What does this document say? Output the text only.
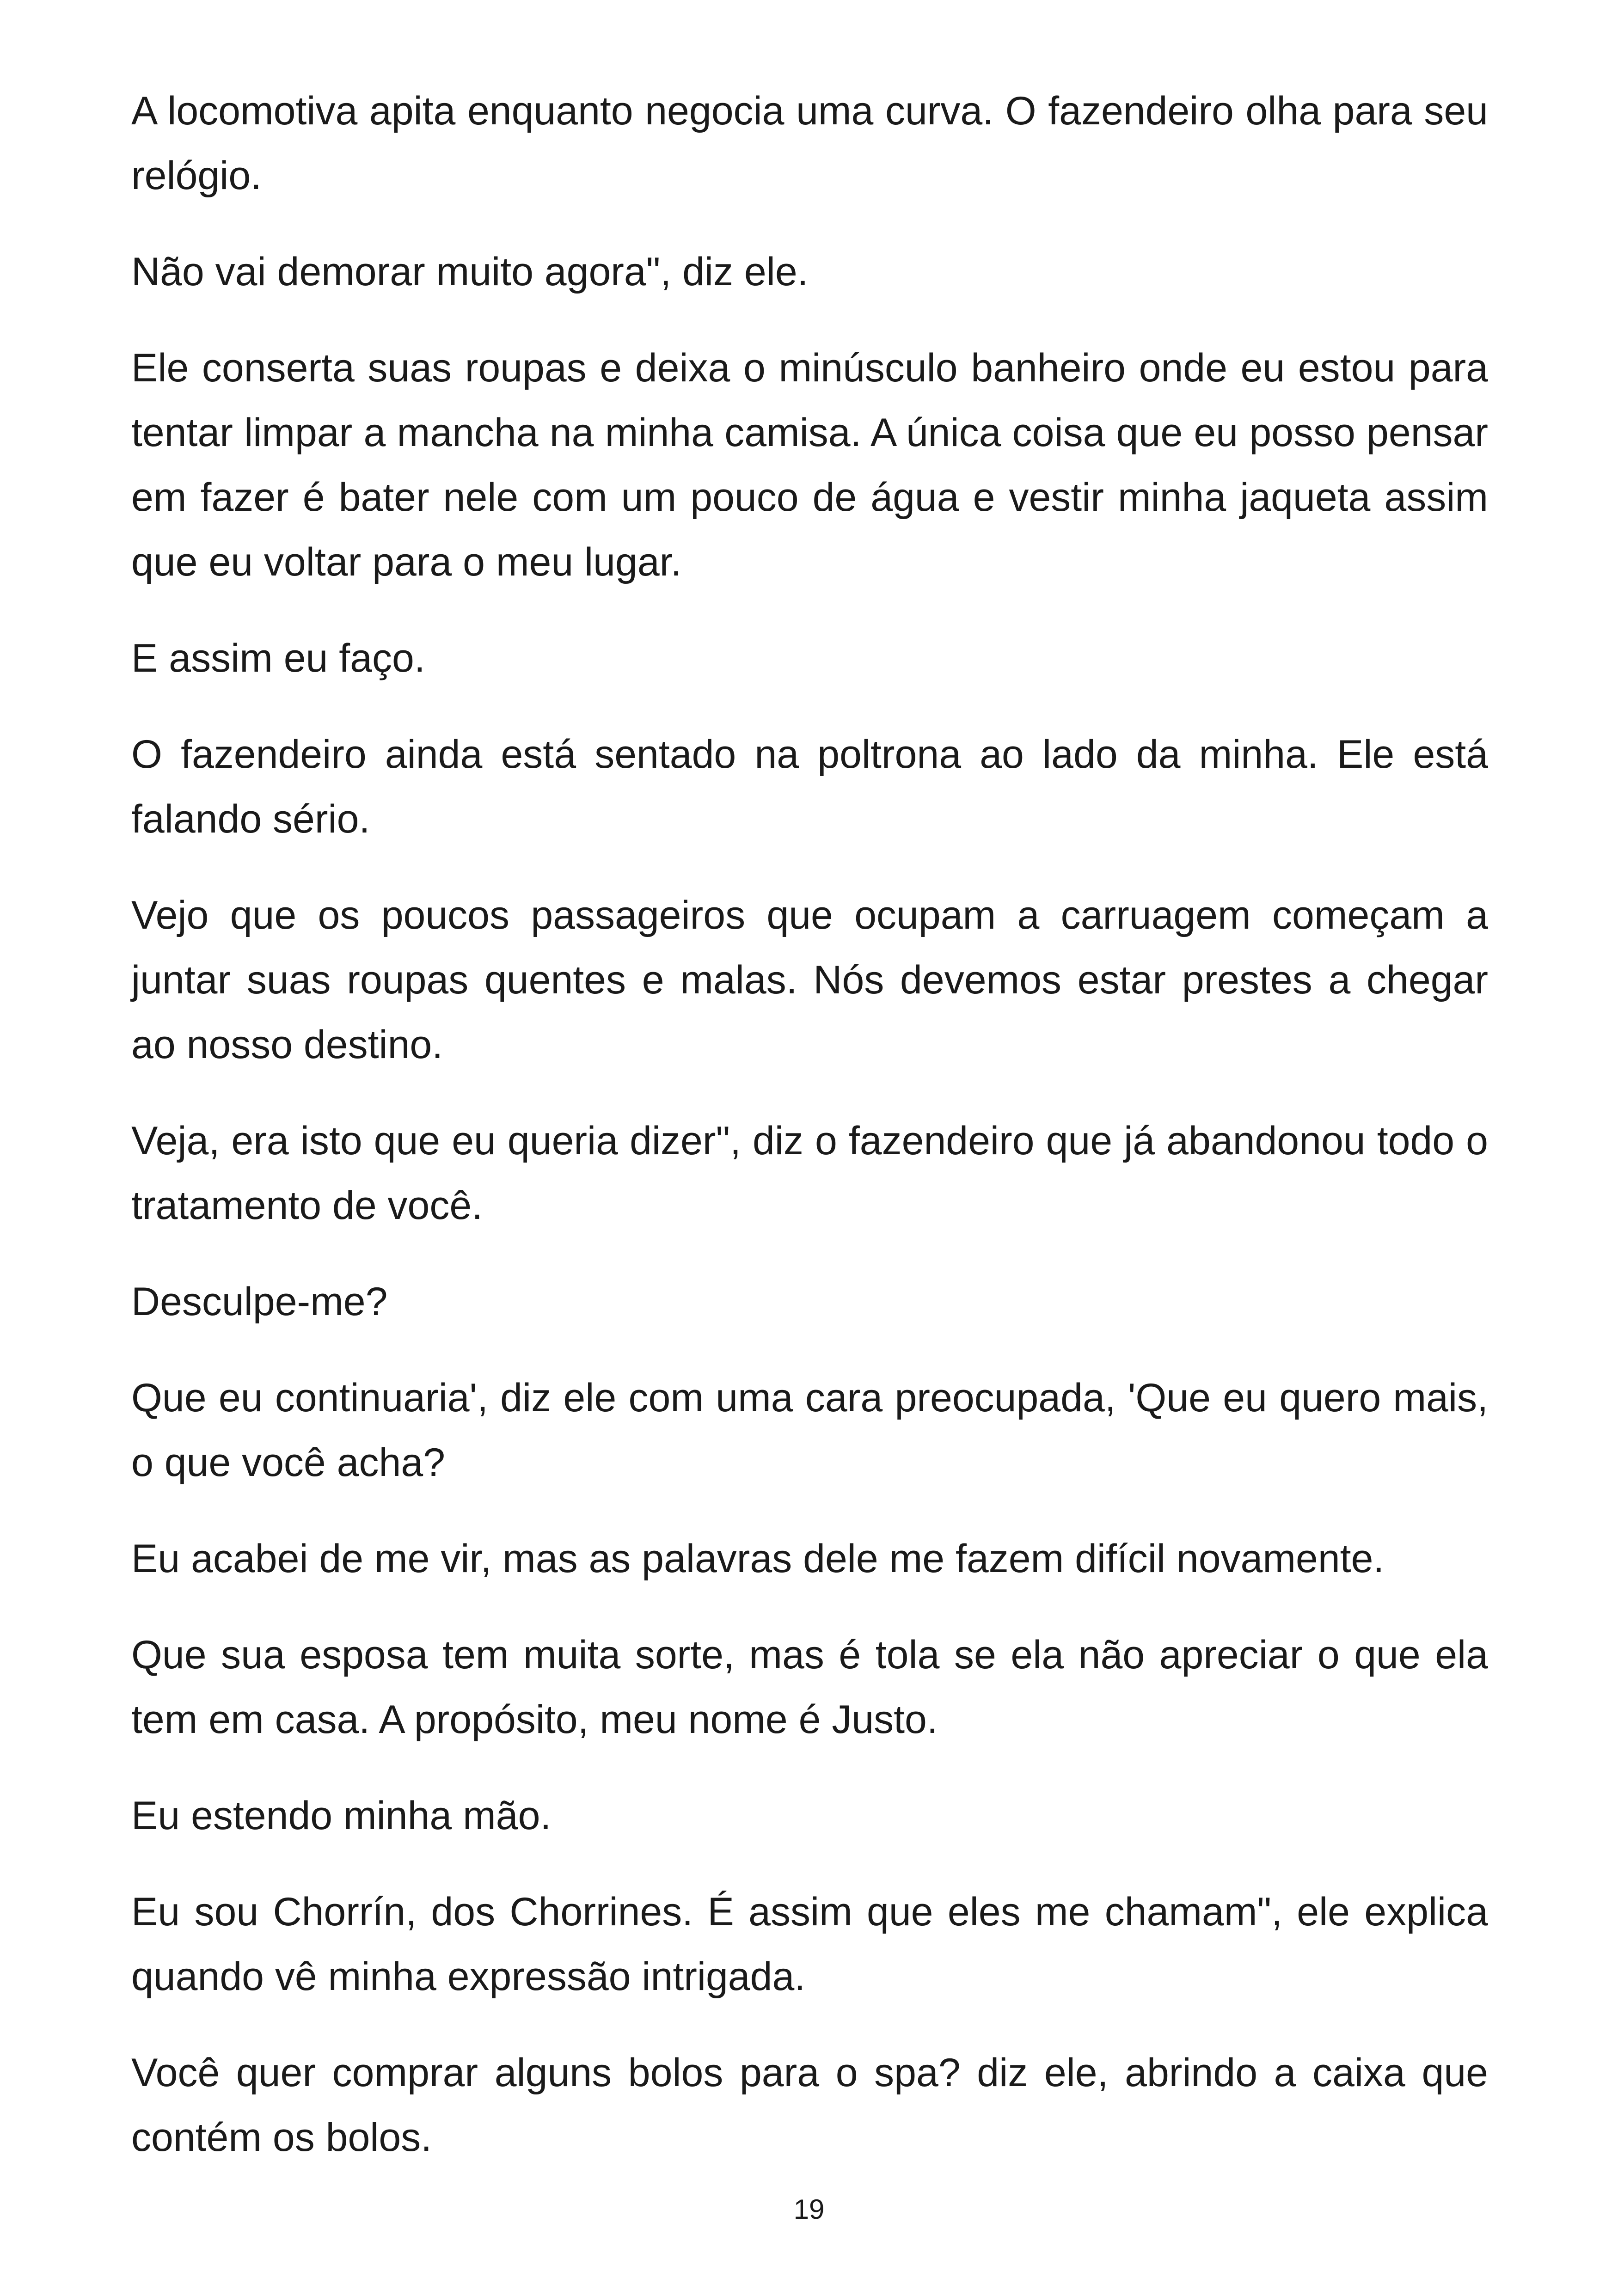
A locomotiva apita enquanto negocia uma curva. O fazendeiro olha para seu relógio.

Não vai demorar muito agora", diz ele.

Ele conserta suas roupas e deixa o minúsculo banheiro onde eu estou para tentar limpar a mancha na minha camisa. A única coisa que eu posso pensar em fazer é bater nele com um pouco de água e vestir minha jaqueta assim que eu voltar para o meu lugar.

E assim eu faço.

O fazendeiro ainda está sentado na poltrona ao lado da minha. Ele está falando sério.

Vejo que os poucos passageiros que ocupam a carruagem começam a juntar suas roupas quentes e malas. Nós devemos estar prestes a chegar ao nosso destino.

Veja, era isto que eu queria dizer", diz o fazendeiro que já abandonou todo o tratamento de você.

Desculpe-me?

Que eu continuaria', diz ele com uma cara preocupada, 'Que eu quero mais, o que você acha?

Eu acabei de me vir, mas as palavras dele me fazem difícil novamente.

Que sua esposa tem muita sorte, mas é tola se ela não apreciar o que ela tem em casa. A propósito, meu nome é Justo.

Eu estendo minha mão.

Eu sou Chorrín, dos Chorrines. É assim que eles me chamam", ele explica quando vê minha expressão intrigada.

Você quer comprar alguns bolos para o spa? diz ele, abrindo a caixa que contém os bolos.

19
